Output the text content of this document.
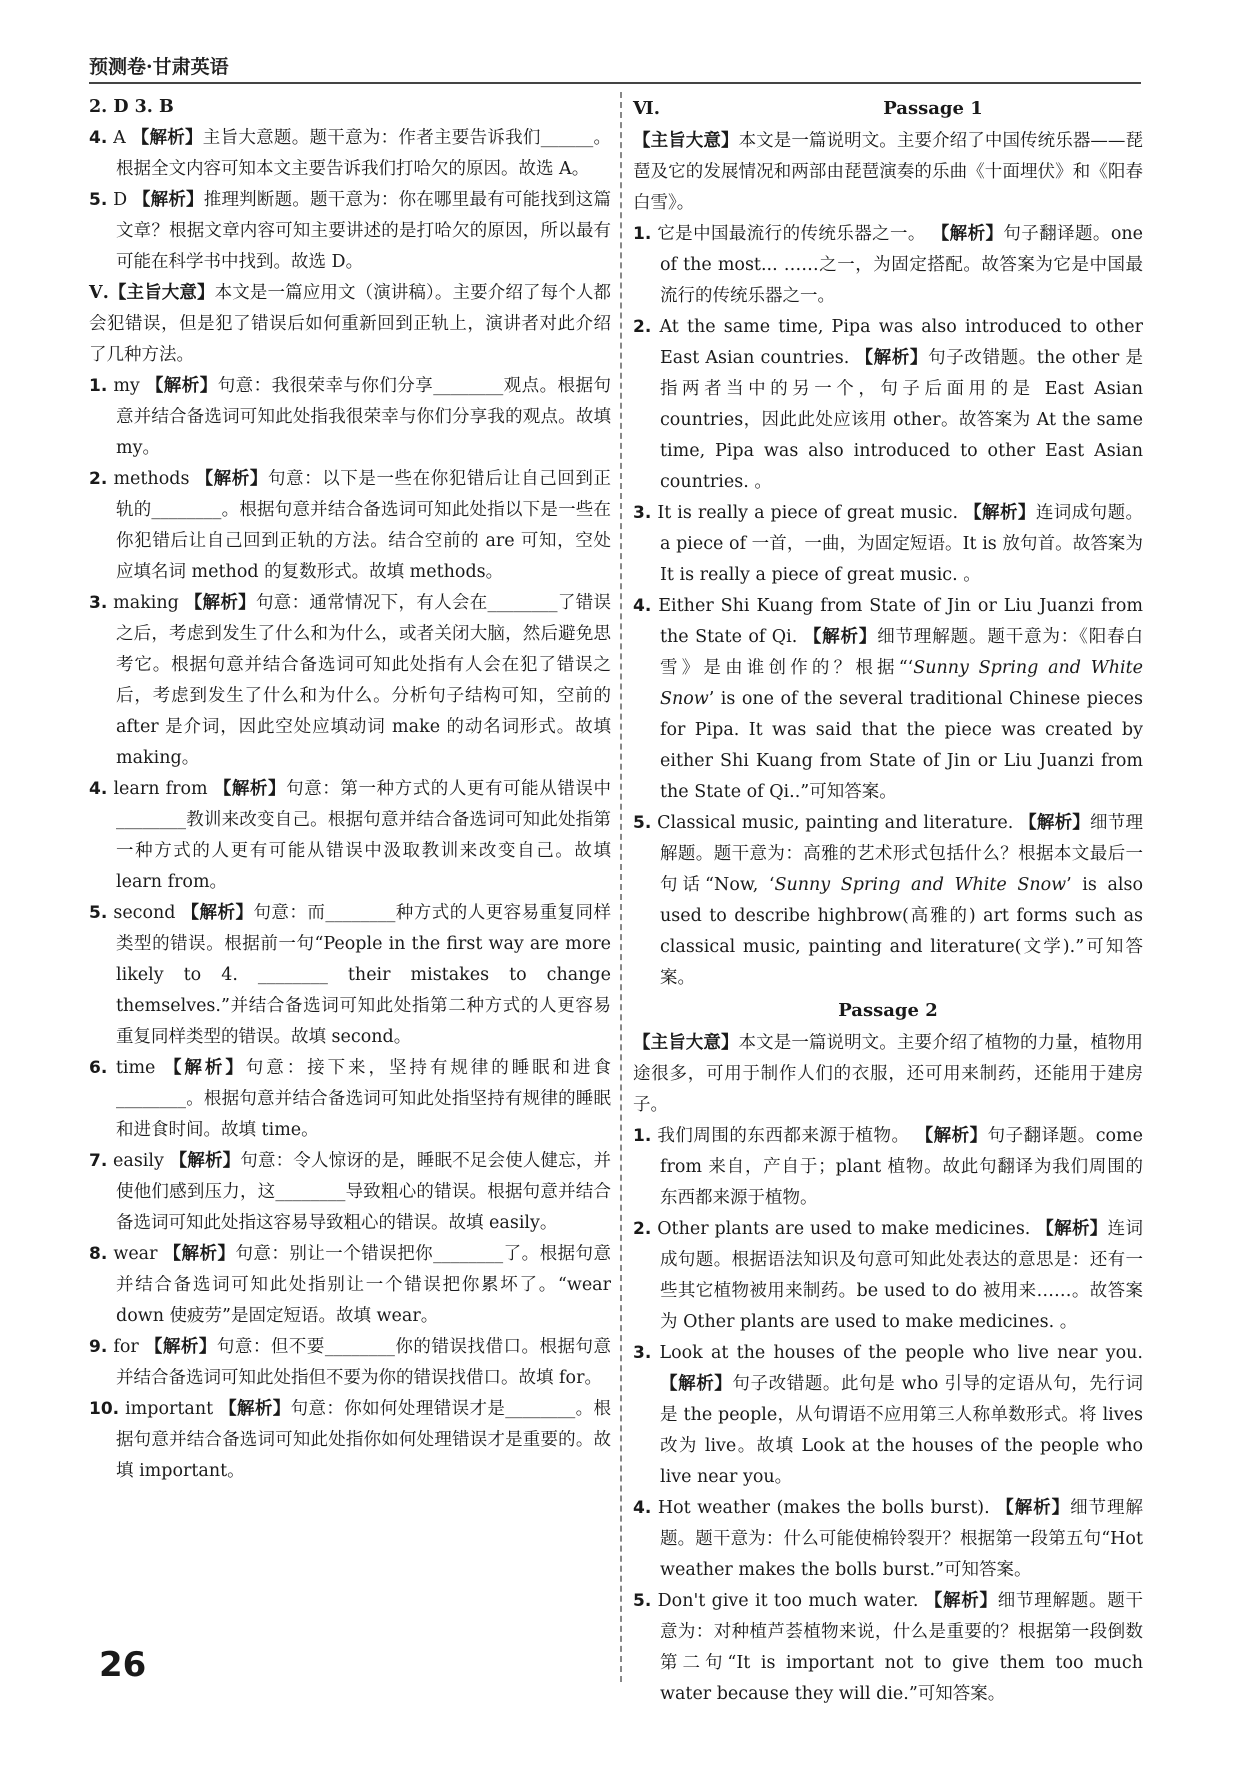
预测卷·甘肃英语

2. D 3. B

4. A 【解析】主旨大意题。题干意为：作者主要告诉我们______。根据全文内容可知本文主要告诉我们打哈欠的原因。故选 A。

5. D 【解析】推理判断题。题干意为：你在哪里最有可能找到这篇文章？根据文章内容可知主要讲述的是打哈欠的原因，所以最有可能在科学书中找到。故选 D。

Ⅴ.【主旨大意】本文是一篇应用文（演讲稿）。主要介绍了每个人都会犯错误，但是犯了错误后如何重新回到正轨上，演讲者对此介绍了几种方法。

1. my 【解析】句意：我很荣幸与你们分享________观点。根据句意并结合备选词可知此处指我很荣幸与你们分享我的观点。故填 my。

2. methods 【解析】句意：以下是一些在你犯错后让自己回到正轨的________。根据句意并结合备选词可知此处指以下是一些在你犯错后让自己回到正轨的方法。结合空前的 are 可知，空处应填名词 method 的复数形式。故填 methods。

3. making 【解析】句意：通常情况下，有人会在________了错误之后，考虑到发生了什么和为什么，或者关闭大脑，然后避免思考它。根据句意并结合备选词可知此处指有人会在犯了错误之后，考虑到发生了什么和为什么。分析句子结构可知，空前的 after 是介词，因此空处应填动词 make 的动名词形式。故填 making。

4. learn from 【解析】句意：第一种方式的人更有可能从错误中________教训来改变自己。根据句意并结合备选词可知此处指第一种方式的人更有可能从错误中汲取教训来改变自己。故填 learn from。

5. second 【解析】句意：而________种方式的人更容易重复同样类型的错误。根据前一句“People in the first way are more likely to 4. ________ their mistakes to change themselves.”并结合备选词可知此处指第二种方式的人更容易重复同样类型的错误。故填 second。

6. time 【解析】句意：接下来，坚持有规律的睡眠和进食________。根据句意并结合备选词可知此处指坚持有规律的睡眠和进食时间。故填 time。

7. easily 【解析】句意：令人惊讶的是，睡眠不足会使人健忘，并使他们感到压力，这________导致粗心的错误。根据句意并结合备选词可知此处指这容易导致粗心的错误。故填 easily。

8. wear 【解析】句意：别让一个错误把你________了。根据句意并结合备选词可知此处指别让一个错误把你累坏了。“wear down 使疲劳”是固定短语。故填 wear。

9. for 【解析】句意：但不要________你的错误找借口。根据句意并结合备选词可知此处指但不要为你的错误找借口。故填 for。

10. important 【解析】句意：你如何处理错误才是________。根据句意并结合备选词可知此处指你如何处理错误才是重要的。故填 important。

Ⅵ.	Passage 1

【主旨大意】本文是一篇说明文。主要介绍了中国传统乐器——琵琶及它的发展情况和两部由琵琶演奏的乐曲《十面埋伏》和《阳春白雪》。

1. 它是中国最流行的传统乐器之一。 【解析】句子翻译题。one of the most... ……之一，为固定搭配。故答案为它是中国最流行的传统乐器之一。

2. At the same time, Pipa was also introduced to other East Asian countries. 【解析】句子改错题。the other 是指两者当中的另一个，句子后面用的是 East Asian countries，因此此处应该用 other。故答案为 At the same time, Pipa was also introduced to other East Asian countries. 。

3. It is really a piece of great music. 【解析】连词成句题。a piece of 一首，一曲，为固定短语。It is 放句首。故答案为 It is really a piece of great music. 。

4. Either Shi Kuang from State of Jin or Liu Juanzi from the State of Qi. 【解析】细节理解题。题干意为：《阳春白雪》是由谁创作的？根据“‘Sunny Spring and White Snow’ is one of the several traditional Chinese pieces for Pipa. It was said that the piece was created by either Shi Kuang from State of Jin or Liu Juanzi from the State of Qi..”可知答案。

5. Classical music, painting and literature. 【解析】细节理解题。题干意为：高雅的艺术形式包括什么？根据本文最后一句话“Now, ‘Sunny Spring and White Snow’ is also used to describe highbrow(高雅的) art forms such as classical music, painting and literature(文学).”可知答案。

Passage 2

【主旨大意】本文是一篇说明文。主要介绍了植物的力量，植物用途很多，可用于制作人们的衣服，还可用来制药，还能用于建房子。

1. 我们周围的东西都来源于植物。 【解析】句子翻译题。come from 来自，产自于；plant 植物。故此句翻译为我们周围的东西都来源于植物。

2. Other plants are used to make medicines. 【解析】连词成句题。根据语法知识及句意可知此处表达的意思是：还有一些其它植物被用来制药。be used to do 被用来……。故答案为 Other plants are used to make medicines. 。

3. Look at the houses of the people who live near you. 【解析】句子改错题。此句是 who 引导的定语从句，先行词是 the people，从句谓语不应用第三人称单数形式。将 lives 改为 live。故填 Look at the houses of the people who live near you。

4. Hot weather (makes the bolls burst). 【解析】细节理解题。题干意为：什么可能使棉铃裂开？根据第一段第五句“Hot weather makes the bolls burst.”可知答案。

5. Don't give it too much water. 【解析】细节理解题。题干意为：对种植芦荟植物来说，什么是重要的？根据第一段倒数第二句“It is important not to give them too much water because they will die.”可知答案。

26
